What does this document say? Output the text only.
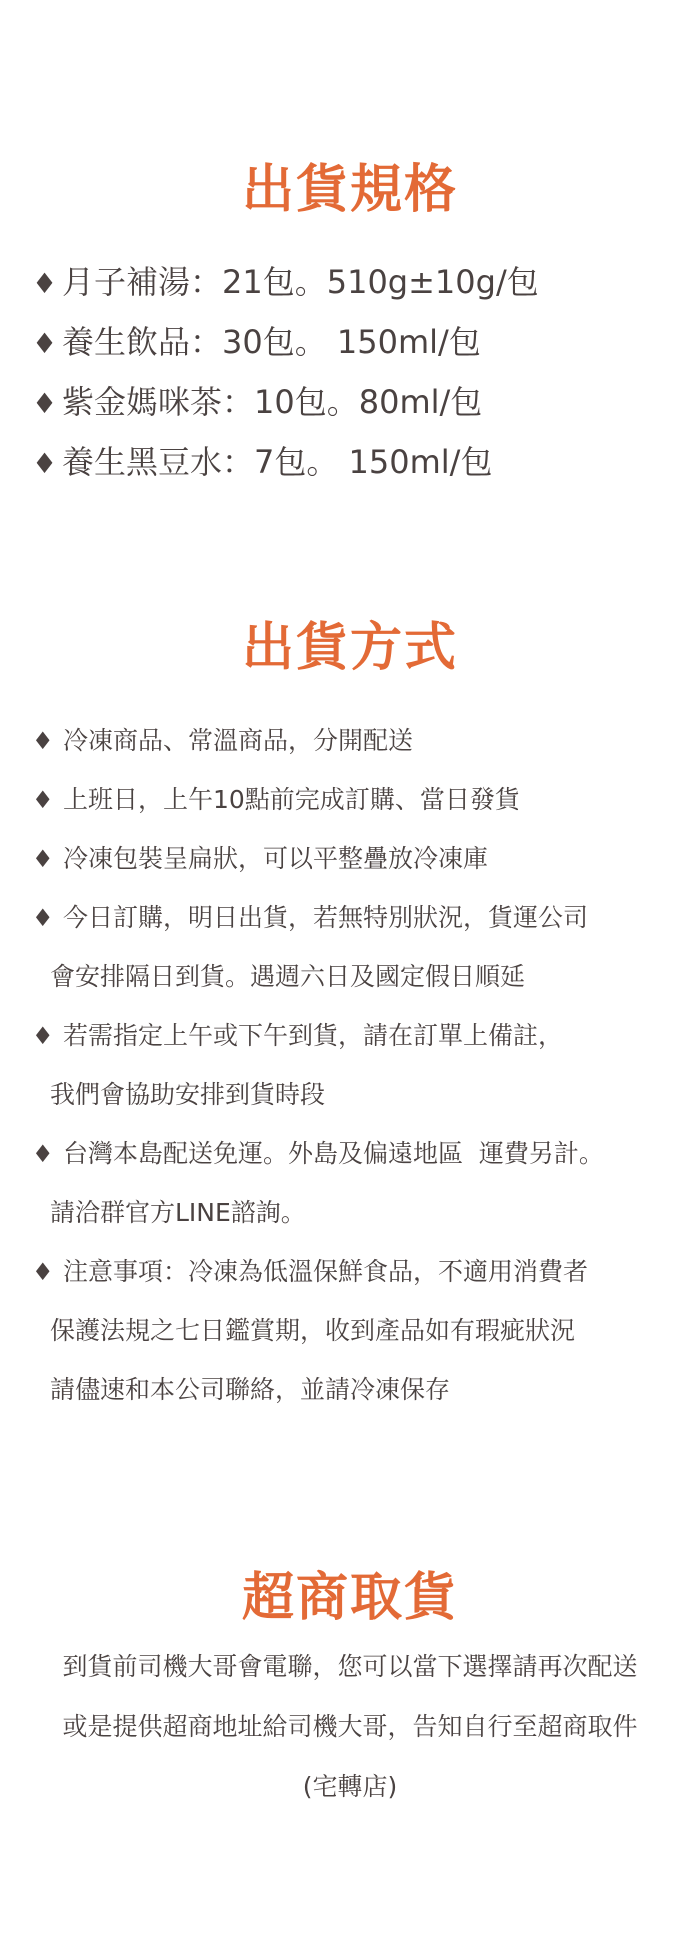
出貨規格
♦ 月子補湯：21包。510g±10g/包
♦ 養生飲品：30包。 150ml/包
♦ 紫金媽咪茶：10包。80ml/包
♦ 養生黑豆水：7包。 150ml/包
出貨方式
♦ 冷凍商品、常溫商品，分開配送
♦ 上班日，上午10點前完成訂購、當日發貨
♦ 冷凍包裝呈扁狀，可以平整疊放冷凍庫
♦ 今日訂購，明日出貨，若無特別狀況，貨運公司
會安排隔日到貨。遇週六日及國定假日順延
♦ 若需指定上午或下午到貨，請在訂單上備註，
我們會協助安排到貨時段
♦ 台灣本島配送免運。外島及偏遠地區  運費另計。
請洽群官方LINE諮詢。
♦ 注意事項：冷凍為低溫保鮮食品，不適用消費者
保護法規之七日鑑賞期，收到產品如有瑕疵狀況
請儘速和本公司聯絡，並請冷凍保存
超商取貨
到貨前司機大哥會電聯，您可以當下選擇請再次配送
或是提供超商地址給司機大哥，告知自行至超商取件
(宅轉店)
